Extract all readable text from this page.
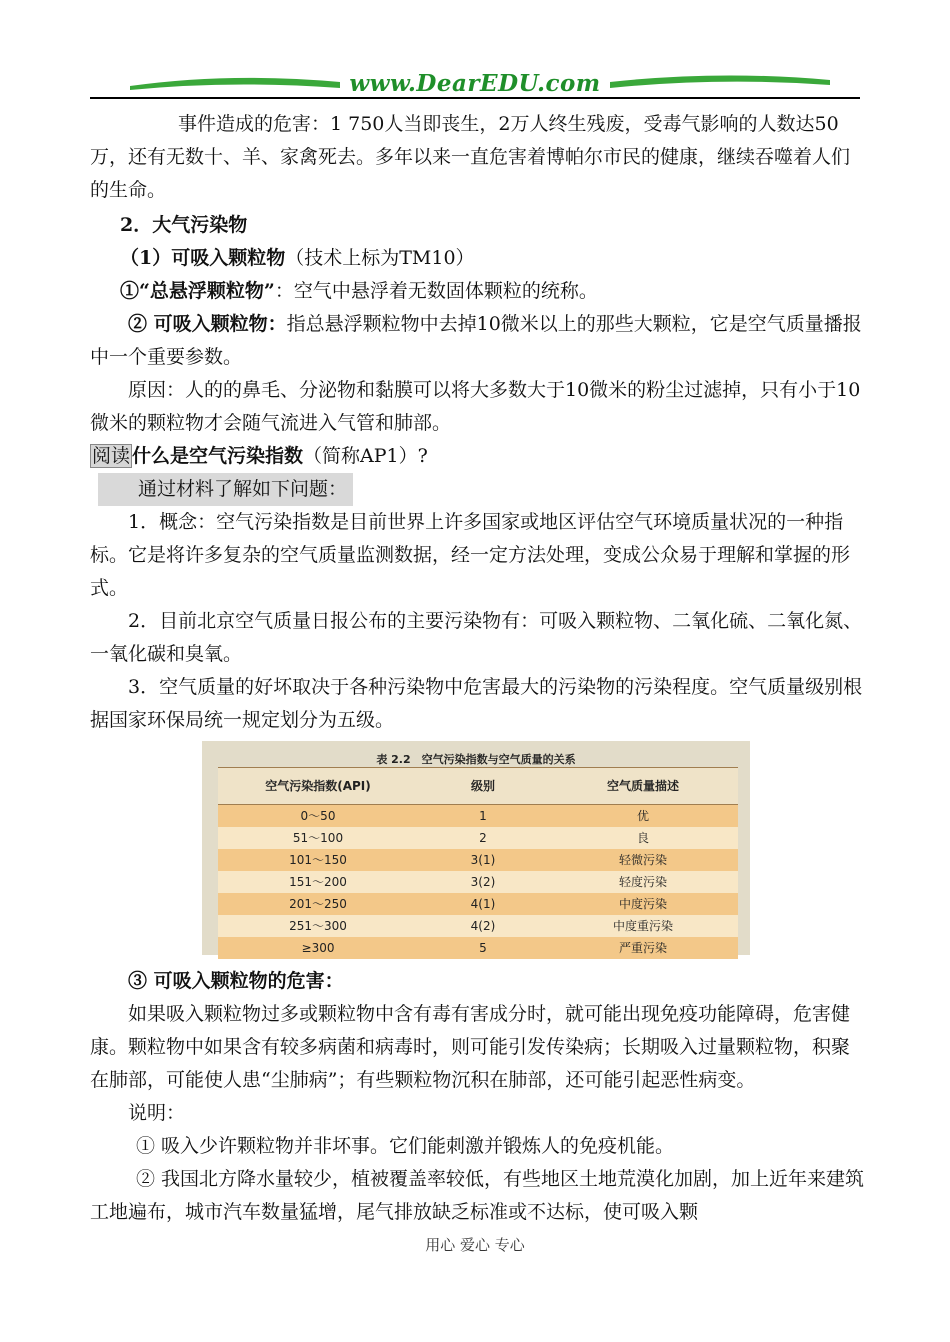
www.DearEDU.com

事件造成的危害：1 750人当即丧生，2万人终生残废，受毒气影响的人数达50万，还有无数十、羊、家禽死去。多年以来一直危害着博帕尔市民的健康，继续吞噬着人们的生命。

2．大气污染物

（1）可吸入颗粒物（技术上标为TM10）

①“总悬浮颗粒物”：空气中悬浮着无数固体颗粒的统称。

② 可吸入颗粒物：指总悬浮颗粒物中去掉10微米以上的那些大颗粒，它是空气质量播报中一个重要参数。

原因：人的的鼻毛、分泌物和黏膜可以将大多数大于10微米的粉尘过滤掉，只有小于10微米的颗粒物才会随气流进入气管和肺部。

阅读 什么是空气污染指数（简称AP1）?

通过材料了解如下问题：

1．概念：空气污染指数是目前世界上许多国家或地区评估空气环境质量状况的一种指标。它是将许多复杂的空气质量监测数据，经一定方法处理，变成公众易于理解和掌握的形式。

2．目前北京空气质量日报公布的主要污染物有：可吸入颗粒物、二氧化硫、二氧化氮、一氧化碳和臭氧。

3．空气质量的好坏取决于各种污染物中危害最大的污染物的污染程度。空气质量级别根据国家环保局统一规定划分为五级。

表 2.2　空气污染指数与空气质量的关系
空气污染指数(API)	级别	空气质量描述
0～50	1	优
51～100	2	良
101～150	3(1)	轻微污染
151～200	3(2)	轻度污染
201～250	4(1)	中度污染
251～300	4(2)	中度重污染
≥300	5	严重污染

③ 可吸入颗粒物的危害：

如果吸入颗粒物过多或颗粒物中含有毒有害成分时，就可能出现免疫功能障碍，危害健康。颗粒物中如果含有较多病菌和病毒时，则可能引发传染病；长期吸入过量颗粒物，积聚在肺部，可能使人患“尘肺病”；有些颗粒物沉积在肺部，还可能引起恶性病变。

说明：

① 吸入少许颗粒物并非坏事。它们能刺激并锻炼人的免疫机能。

② 我国北方降水量较少，植被覆盖率较低，有些地区土地荒漠化加剧，加上近年来建筑工地遍布，城市汽车数量猛增，尾气排放缺乏标准或不达标，使可吸入颗

用心 爱心 专心
